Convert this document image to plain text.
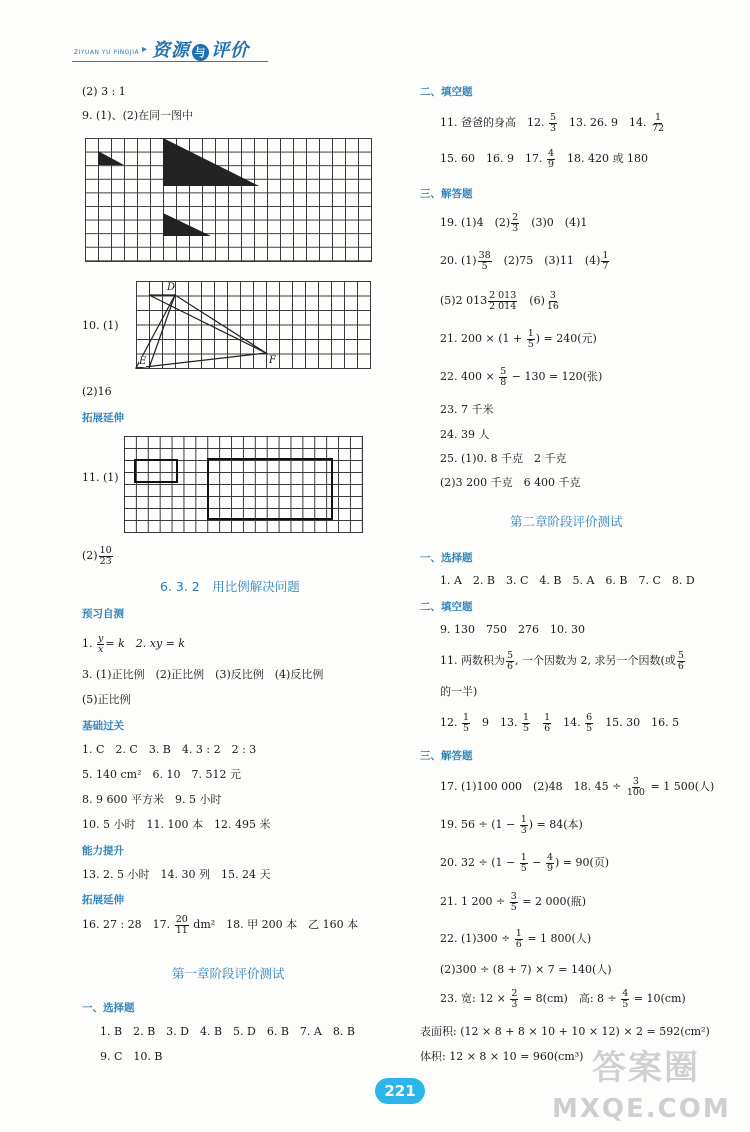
ZIYUAN YU PINGJIA ▸ 资源 与 评价
(2) 3 : 1
9. (1)、(2)在同一图中
10. (1)
D
E	F
(2)16
拓展延伸
11. (1)
$(2) \frac{10}{23}$
6. 3. 2　用比例解决问题
预习自测
1. $\frac{y}{x} = k$　2. xy = k
3. (1)正比例　(2)正比例　(3)反比例　(4)反比例
(5)正比例
基础过关
1. C　2. C　3. B　4. 3 : 2　2 : 3
5. 140 cm²　6. 10　7. 512 元
8. 9 600 平方米　9. 5 小时
10. 5 小时　11. 100 本　12. 495 米
能力提升
13. 2. 5 小时　14. 30 列　15. 24 天
拓展延伸
16. 27 : 28　17. $\frac{20}{11} dm^2$　18. 甲 200 本　乙 160 本
第一章阶段评价测试
一、选择题
1. B　2. B　3. D　4. B　5. D　6. B　7. A　8. B
9. C　10. B
二、填空题
11. 爸爸的身高　12. $\frac{5}{3}$
　 13. 26. 9　14. $\frac{1}{72}$
15. 60　16. 9　17. $\frac{4}{9}$
　 18. 420 或 180
三、解答题
19. (1)4　$(2) \frac{2}{3}$
　 (3)0　(4)1
20. $(1) \frac{38}{5}$
　 (2)75　(3)11　$(4) \frac{1}{7}$
(5)2 $013 \frac{2 013}{2 014}$
　 $(6) \frac{3}{16}$
21. $200 \times (1 + \frac{1}{5}$ ) = 240(元)
22. $400 \times \frac{5}{8} - 130 = 120$(张)
23. 7 千米
24. 39 人
25. (1)0. 8 千克　2 千克
(2)3 200 千克　6 400 千克
第二章阶段评价测试
一、选择题
1. A　2. B　3. C　4. B　5. A　6. B　7. C　8. D
二、填空题
9. 130　750　276　10. 30
11. 两数积为 $\frac{5}{6}$ , 一个因数为 2, 求另一个因数(或 $\frac{5}{6}$
的一半)
12. $\frac{1}{5}$
　 9　13. $\frac{1}{5}$
　 $\frac{1}{6}$
　 14. $\frac{6}{5}$
　 15. 30　16. 5
三、解答题
17. (1)100 000　(2)48　18. $45 \div \frac{3}{100} = 1$ 500(人)
19. $56 \div (1 - \frac{1}{3}$ ) = 84(本)
20. $32 \div (1 - \frac{1}{5} - \frac{4}{9}$ ) = 90(页)
21. 1 $200 \div \frac{3}{5} = 2$ 000(瓶)
22. $(1)300 \div \frac{1}{6} = 1$ 800(人)
(2)300 ÷ (8 + 7) × 7 = 140(人)
23. 宽: $12 \times \frac{2}{3} = 8(cm)$　高: $8 \div \frac{4}{5} = 10(cm)$
表面积: (12 × 8 + 8 × 10 + 10 × 12) × 2 = 592(cm²)
体积: 12 × 8 × 10 = 960(cm³)
221
答案圈
MXQE.COM
